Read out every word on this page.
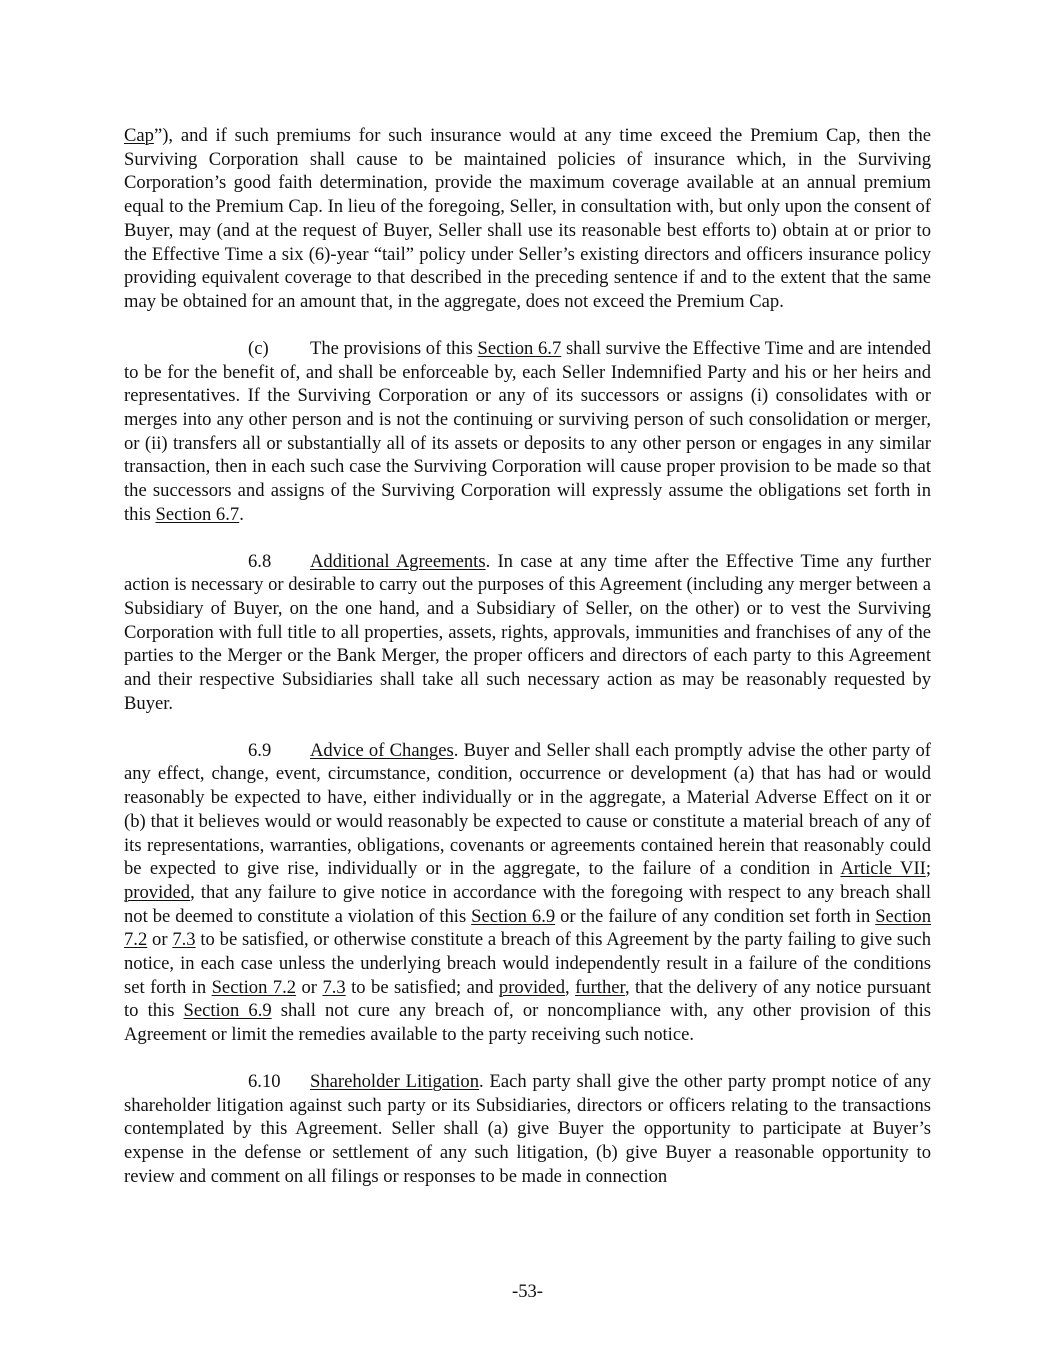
Cap”), and if such premiums for such insurance would at any time exceed the Premium Cap, then the Surviving Corporation shall cause to be maintained policies of insurance which, in the Surviving Corporation’s good faith determination, provide the maximum coverage available at an annual premium equal to the Premium Cap. In lieu of the foregoing, Seller, in consultation with, but only upon the consent of Buyer, may (and at the request of Buyer, Seller shall use its reasonable best efforts to) obtain at or prior to the Effective Time a six (6)-year “tail” policy under Seller’s existing directors and officers insurance policy providing equivalent coverage to that described in the preceding sentence if and to the extent that the same may be obtained for an amount that, in the aggregate, does not exceed the Premium Cap.

(c) The provisions of this Section 6.7 shall survive the Effective Time and are intended to be for the benefit of, and shall be enforceable by, each Seller Indemnified Party and his or her heirs and representatives. If the Surviving Corporation or any of its successors or assigns (i) consolidates with or merges into any other person and is not the continuing or surviving person of such consolidation or merger, or (ii) transfers all or substantially all of its assets or deposits to any other person or engages in any similar transaction, then in each such case the Surviving Corporation will cause proper provision to be made so that the successors and assigns of the Surviving Corporation will expressly assume the obligations set forth in this Section 6.7.

6.8 Additional Agreements. In case at any time after the Effective Time any further action is necessary or desirable to carry out the purposes of this Agreement (including any merger between a Subsidiary of Buyer, on the one hand, and a Subsidiary of Seller, on the other) or to vest the Surviving Corporation with full title to all properties, assets, rights, approvals, immunities and franchises of any of the parties to the Merger or the Bank Merger, the proper officers and directors of each party to this Agreement and their respective Subsidiaries shall take all such necessary action as may be reasonably requested by Buyer.

6.9 Advice of Changes. Buyer and Seller shall each promptly advise the other party of any effect, change, event, circumstance, condition, occurrence or development (a) that has had or would reasonably be expected to have, either individually or in the aggregate, a Material Adverse Effect on it or (b) that it believes would or would reasonably be expected to cause or constitute a material breach of any of its representations, warranties, obligations, covenants or agreements contained herein that reasonably could be expected to give rise, individually or in the aggregate, to the failure of a condition in Article VII; provided, that any failure to give notice in accordance with the foregoing with respect to any breach shall not be deemed to constitute a violation of this Section 6.9 or the failure of any condition set forth in Section 7.2 or 7.3 to be satisfied, or otherwise constitute a breach of this Agreement by the party failing to give such notice, in each case unless the underlying breach would independently result in a failure of the conditions set forth in Section 7.2 or 7.3 to be satisfied; and provided, further, that the delivery of any notice pursuant to this Section 6.9 shall not cure any breach of, or noncompliance with, any other provision of this Agreement or limit the remedies available to the party receiving such notice.

6.10 Shareholder Litigation. Each party shall give the other party prompt notice of any shareholder litigation against such party or its Subsidiaries, directors or officers relating to the transactions contemplated by this Agreement. Seller shall (a) give Buyer the opportunity to participate at Buyer’s expense in the defense or settlement of any such litigation, (b) give Buyer a reasonable opportunity to review and comment on all filings or responses to be made in connection

-53-
